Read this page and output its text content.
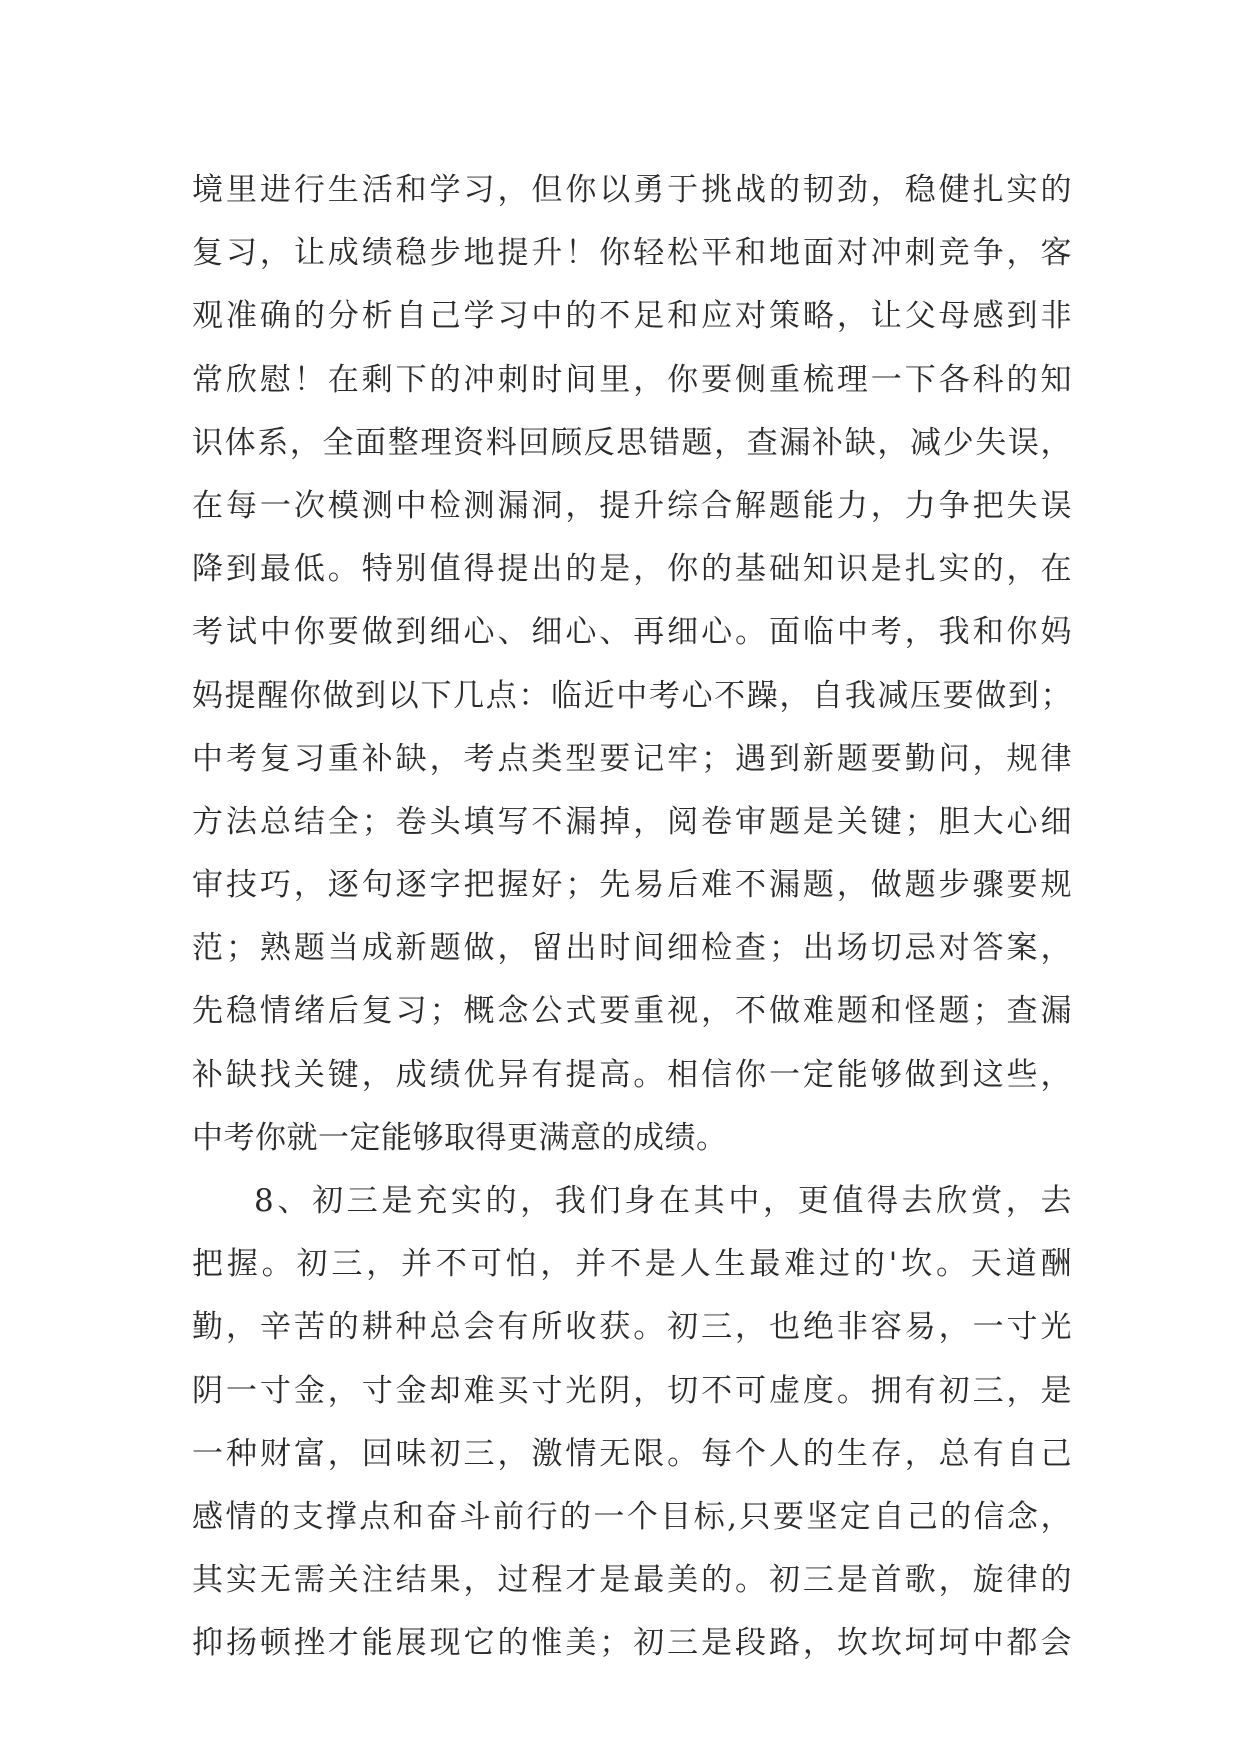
境里进行生活和学习，但你以勇于挑战的韧劲，稳健扎实的
复习，让成绩稳步地提升！你轻松平和地面对冲刺竞争，客
观准确的分析自己学习中的不足和应对策略，让父母感到非
常欣慰！在剩下的冲刺时间里，你要侧重梳理一下各科的知
识体系，全面整理资料回顾反思错题，查漏补缺，减少失误，
在每一次模测中检测漏洞，提升综合解题能力，力争把失误
降到最低。特别值得提出的是，你的基础知识是扎实的，在
考试中你要做到细心、细心、再细心。面临中考，我和你妈
妈提醒你做到以下几点：临近中考心不躁，自我减压要做到；
中考复习重补缺，考点类型要记牢；遇到新题要勤问，规律
方法总结全；卷头填写不漏掉，阅卷审题是关键；胆大心细
审技巧，逐句逐字把握好；先易后难不漏题，做题步骤要规
范；熟题当成新题做，留出时间细检查；出场切忌对答案，
先稳情绪后复习；概念公式要重视，不做难题和怪题；查漏
补缺找关键，成绩优异有提高。相信你一定能够做到这些，
中考你就一定能够取得更满意的成绩。
8、初三是充实的，我们身在其中，更值得去欣赏，去
把握。初三，并不可怕，并不是人生最难过的'坎。天道酬
勤，辛苦的耕种总会有所收获。初三，也绝非容易，一寸光
阴一寸金，寸金却难买寸光阴，切不可虚度。拥有初三，是
一种财富，回味初三，激情无限。每个人的生存，总有自己
感情的支撑点和奋斗前行的一个目标,只要坚定自己的信念，
其实无需关注结果，过程才是最美的。初三是首歌，旋律的
抑扬顿挫才能展现它的惟美；初三是段路，坎坎坷坷中都会
